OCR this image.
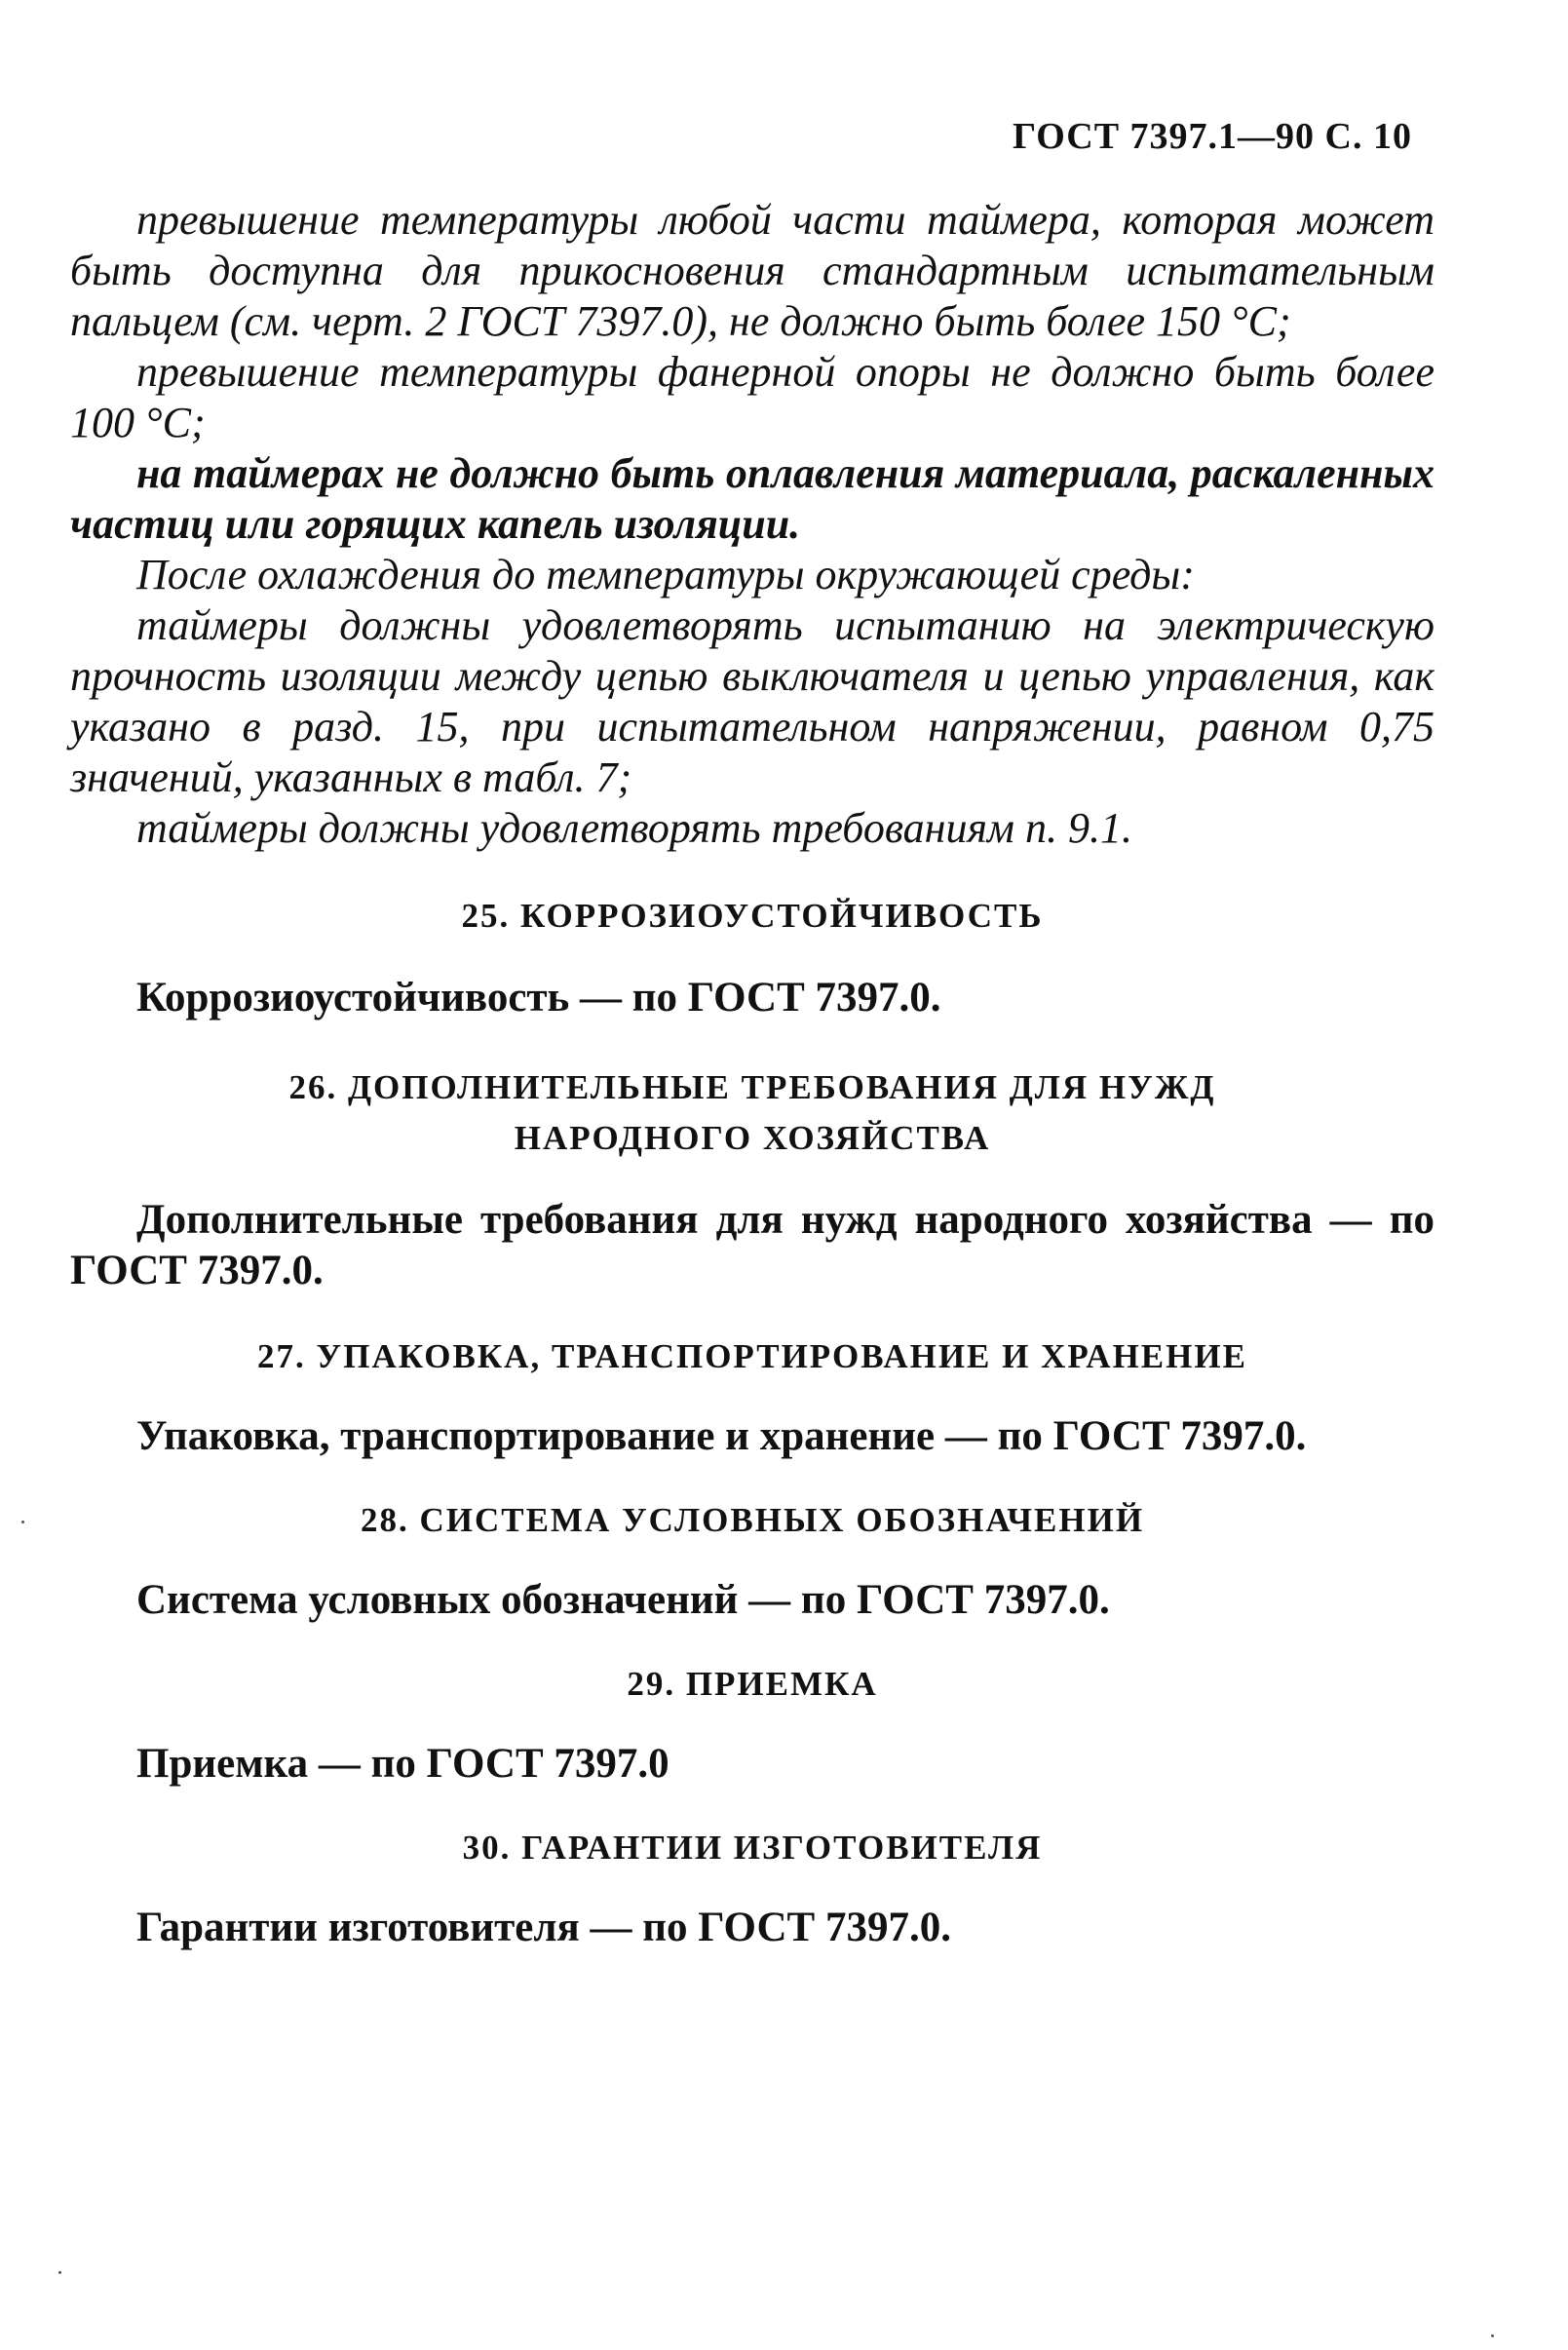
ГОСТ 7397.1—90 С. 10

превышение температуры любой части таймера, которая может быть доступна для прикосновения стандартным испытательным пальцем (см. черт. 2 ГОСТ 7397.0), не должно быть более 150 °С;

превышение температуры фанерной опоры не должно быть более 100 °С;

на таймерах не должно быть оплавления материала, раскаленных частиц или горящих капель изоляции.

После охлаждения до температуры окружающей среды:

таймеры должны удовлетворять испытанию на электрическую прочность изоляции между цепью выключателя и цепью управления, как указано в разд. 15, при испытательном напряжении, равном 0,75 значений, указанных в табл. 7;

таймеры должны удовлетворять требованиям п. 9.1.

25. КОРРОЗИОУСТОЙЧИВОСТЬ

Коррозиоустойчивость — по ГОСТ 7397.0.

26. ДОПОЛНИТЕЛЬНЫЕ ТРЕБОВАНИЯ ДЛЯ НУЖД НАРОДНОГО ХОЗЯЙСТВА

Дополнительные требования для нужд народного хозяйства — по ГОСТ 7397.0.

27. УПАКОВКА, ТРАНСПОРТИРОВАНИЕ И ХРАНЕНИЕ

Упаковка, транспортирование и хранение — по ГОСТ 7397.0.

28. СИСТЕМА УСЛОВНЫХ ОБОЗНАЧЕНИЙ

Система условных обозначений — по ГОСТ 7397.0.

29. ПРИЕМКА

Приемка — по ГОСТ 7397.0

30. ГАРАНТИИ ИЗГОТОВИТЕЛЯ

Гарантии изготовителя — по ГОСТ 7397.0.
